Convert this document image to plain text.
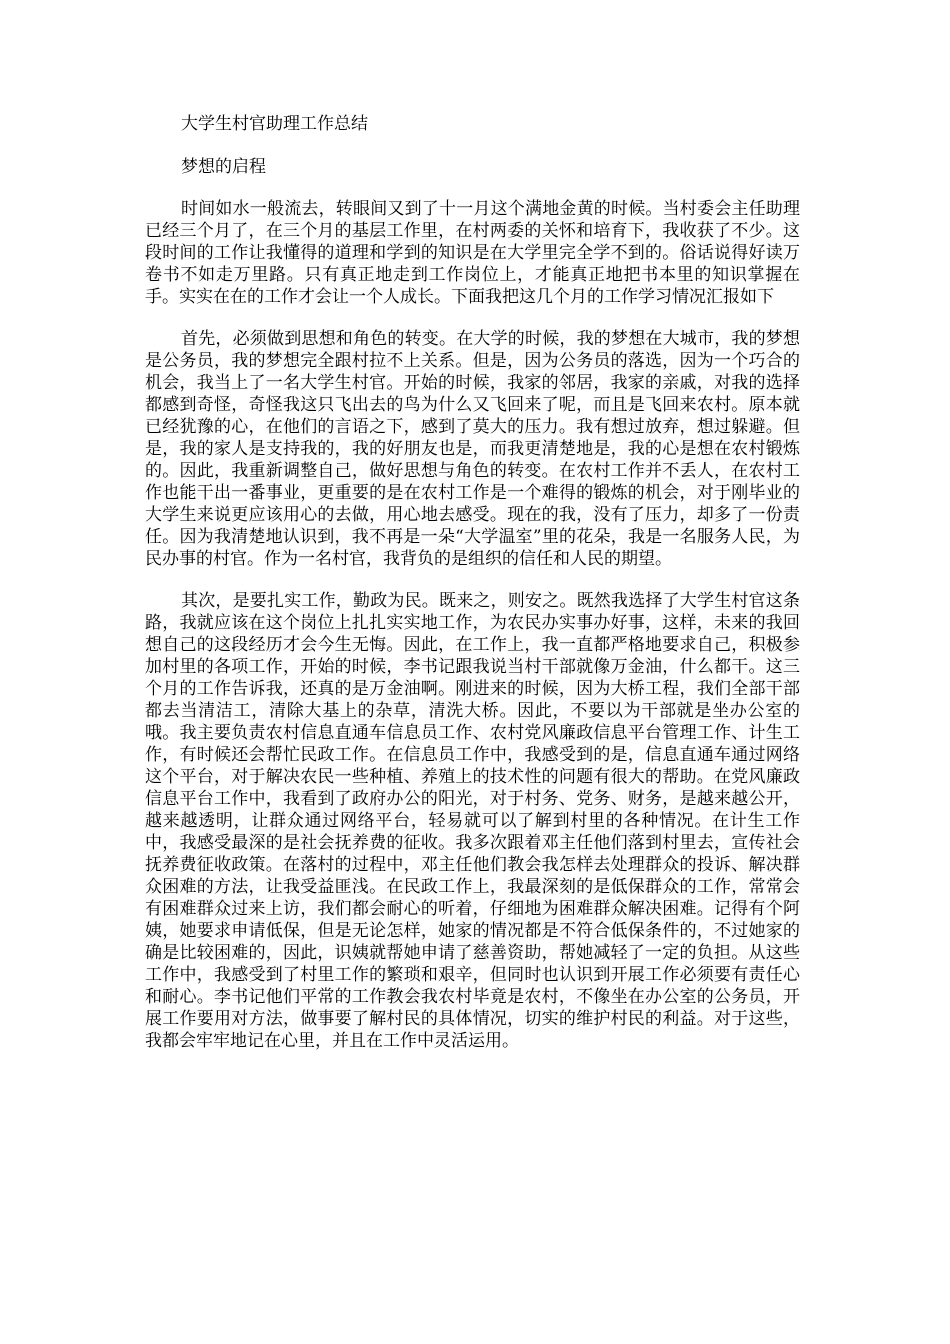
大学生村官助理工作总结
梦想的启程

时间如水一般流去，转眼间又到了十一月这个满地金黄的时候。当村委会主任助理已经三个月了，在三个月的基层工作里，在村两委的关怀和培育下，我收获了不少。这段时间的工作让我懂得的道理和学到的知识是在大学里完全学不到的。俗话说得好读万卷书不如走万里路。只有真正地走到工作岗位上，才能真正地把书本里的知识掌握在手。实实在在的工作才会让一个人成长。下面我把这几个月的工作学习情况汇报如下

首先，必须做到思想和角色的转变。在大学的时候，我的梦想在大城市，我的梦想是公务员，我的梦想完全跟村拉不上关系。但是，因为公务员的落选，因为一个巧合的机会，我当上了一名大学生村官。开始的时候，我家的邻居，我家的亲戚，对我的选择都感到奇怪，奇怪我这只飞出去的鸟为什么又飞回来了呢，而且是飞回来农村。原本就已经犹豫的心，在他们的言语之下，感到了莫大的压力。我有想过放弃，想过躲避。但是，我的家人是支持我的，我的好朋友也是，而我更清楚地是，我的心是想在农村锻炼的。因此，我重新调整自己，做好思想与角色的转变。在农村工作并不丢人，在农村工作也能干出一番事业，更重要的是在农村工作是一个难得的锻炼的机会，对于刚毕业的大学生来说更应该用心的去做，用心地去感受。现在的我，没有了压力，却多了一份责任。因为我清楚地认识到，我不再是一朵“大学温室”里的花朵，我是一名服务人民，为民办事的村官。作为一名村官，我背负的是组织的信任和人民的期望。

其次，是要扎实工作，勤政为民。既来之，则安之。既然我选择了大学生村官这条路，我就应该在这个岗位上扎扎实实地工作，为农民办实事办好事，这样，未来的我回想自己的这段经历才会今生无悔。因此，在工作上，我一直都严格地要求自己，积极参加村里的各项工作，开始的时候，李书记跟我说当村干部就像万金油，什么都干。这三个月的工作告诉我，还真的是万金油啊。刚进来的时候，因为大桥工程，我们全部干部都去当清洁工，清除大基上的杂草，清洗大桥。因此，不要以为干部就是坐办公室的哦。我主要负责农村信息直通车信息员工作、农村党风廉政信息平台管理工作、计生工作，有时候还会帮忙民政工作。在信息员工作中，我感受到的是，信息直通车通过网络这个平台，对于解决农民一些种植、养殖上的技术性的问题有很大的帮助。在党风廉政信息平台工作中，我看到了政府办公的阳光，对于村务、党务、财务，是越来越公开，越来越透明，让群众通过网络平台，轻易就可以了解到村里的各种情况。在计生工作中，我感受最深的是社会抚养费的征收。我多次跟着邓主任他们落到村里去，宣传社会抚养费征收政策。在落村的过程中，邓主任他们教会我怎样去处理群众的投诉、解决群众困难的方法，让我受益匪浅。在民政工作上，我最深刻的是低保群众的工作，常常会有困难群众过来上访，我们都会耐心的听着，仔细地为困难群众解决困难。记得有个阿姨，她要求申请低保，但是无论怎样，她家的情况都是不符合低保条件的，不过她家的确是比较困难的，因此，识姨就帮她申请了慈善资助，帮她减轻了一定的负担。从这些工作中，我感受到了村里工作的繁琐和艰辛，但同时也认识到开展工作必须要有责任心和耐心。李书记他们平常的工作教会我农村毕竟是农村，不像坐在办公室的公务员，开展工作要用对方法，做事要了解村民的具体情况，切实的维护村民的利益。对于这些，我都会牢牢地记在心里，并且在工作中灵活运用。
